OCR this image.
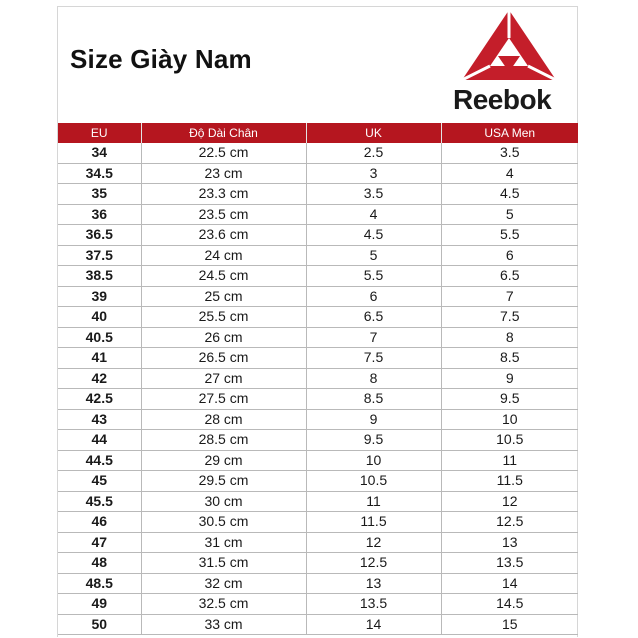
Size Giày Nam
Reebok
EU	Độ Dài Chân	UK	USA Men
34	22.5 cm	2.5	3.5
34.5	23 cm	3	4
35	23.3 cm	3.5	4.5
36	23.5 cm	4	5
36.5	23.6 cm	4.5	5.5
37.5	24 cm	5	6
38.5	24.5 cm	5.5	6.5
39	25 cm	6	7
40	25.5 cm	6.5	7.5
40.5	26 cm	7	8
41	26.5 cm	7.5	8.5
42	27 cm	8	9
42.5	27.5 cm	8.5	9.5
43	28 cm	9	10
44	28.5 cm	9.5	10.5
44.5	29 cm	10	11
45	29.5 cm	10.5	11.5
45.5	30 cm	11	12
46	30.5 cm	11.5	12.5
47	31 cm	12	13
48	31.5 cm	12.5	13.5
48.5	32 cm	13	14
49	32.5 cm	13.5	14.5
50	33 cm	14	15
